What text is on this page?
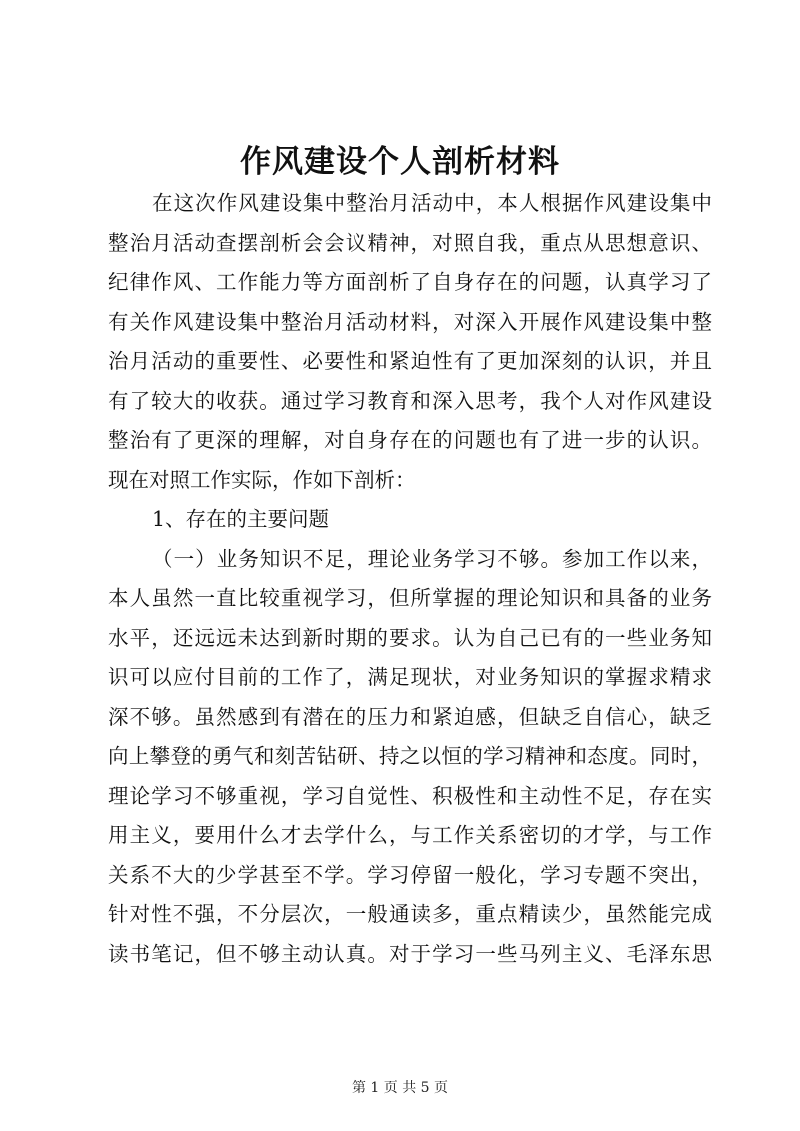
作风建设个人剖析材料
在这次作风建设集中整治月活动中，本人根据作风建设集中
整治月活动查摆剖析会会议精神，对照自我，重点从思想意识、
纪律作风、工作能力等方面剖析了自身存在的问题，认真学习了
有关作风建设集中整治月活动材料，对深入开展作风建设集中整
治月活动的重要性、必要性和紧迫性有了更加深刻的认识，并且
有了较大的收获。通过学习教育和深入思考，我个人对作风建设
整治有了更深的理解，对自身存在的问题也有了进一步的认识。
现在对照工作实际，作如下剖析：
1、存在的主要问题
（一）业务知识不足，理论业务学习不够。参加工作以来，
本人虽然一直比较重视学习，但所掌握的理论知识和具备的业务
水平，还远远未达到新时期的要求。认为自己已有的一些业务知
识可以应付目前的工作了，满足现状，对业务知识的掌握求精求
深不够。虽然感到有潜在的压力和紧迫感，但缺乏自信心，缺乏
向上攀登的勇气和刻苦钻研、持之以恒的学习精神和态度。同时，
理论学习不够重视，学习自觉性、积极性和主动性不足，存在实
用主义，要用什么才去学什么，与工作关系密切的才学，与工作
关系不大的少学甚至不学。学习停留一般化，学习专题不突出，
针对性不强，不分层次，一般通读多，重点精读少，虽然能完成
读书笔记，但不够主动认真。对于学习一些马列主义、毛泽东思
第 1 页 共 5 页
